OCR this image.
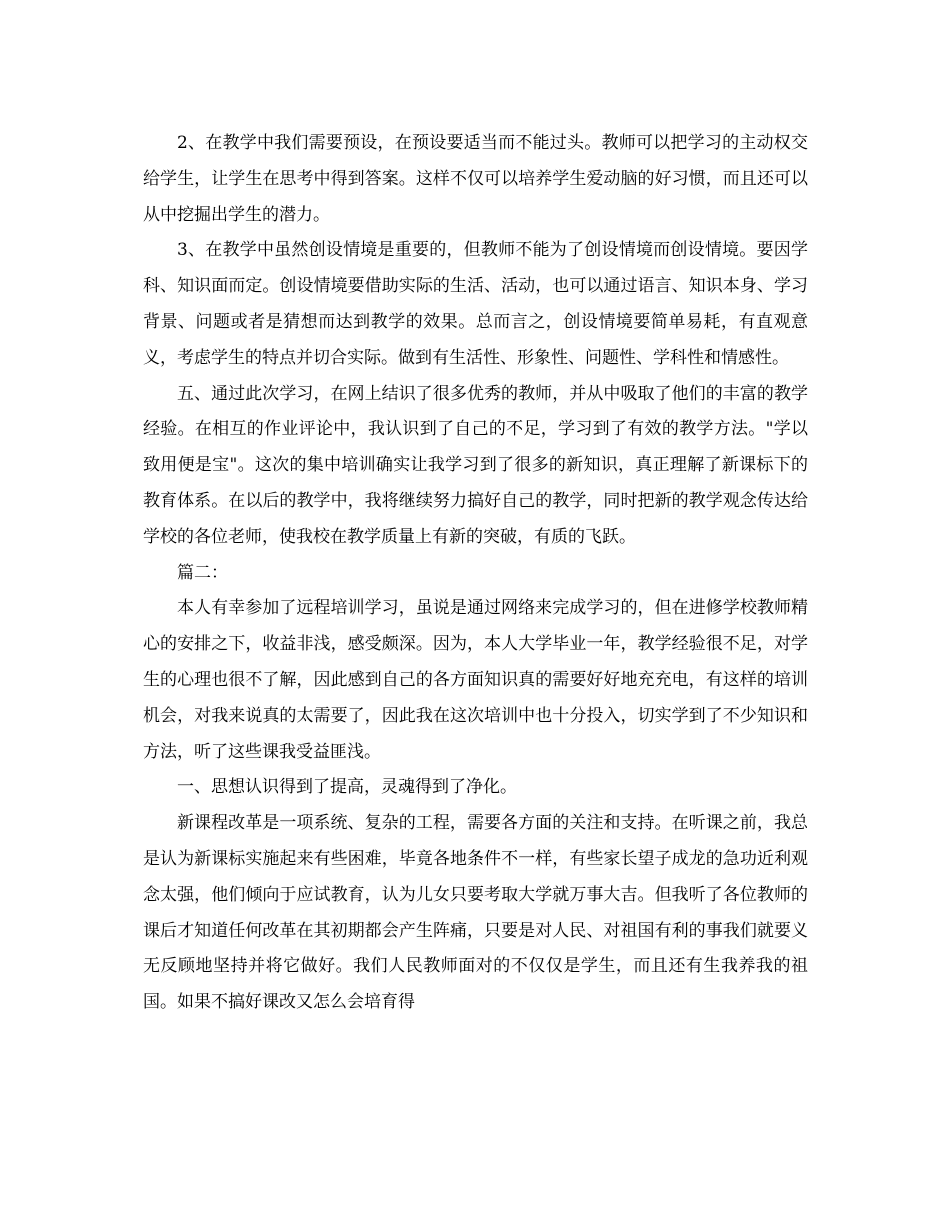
2、在教学中我们需要预设，在预设要适当而不能过头。教师可以把学习的主动权交给学生，让学生在思考中得到答案。这样不仅可以培养学生爱动脑的好习惯，而且还可以从中挖掘出学生的潜力。

3、在教学中虽然创设情境是重要的，但教师不能为了创设情境而创设情境。要因学科、知识面而定。创设情境要借助实际的生活、活动，也可以通过语言、知识本身、学习背景、问题或者是猜想而达到教学的效果。总而言之，创设情境要简单易耗，有直观意义，考虑学生的特点并切合实际。做到有生活性、形象性、问题性、学科性和情感性。

五、通过此次学习，在网上结识了很多优秀的教师，并从中吸取了他们的丰富的教学经验。在相互的作业评论中，我认识到了自己的不足，学习到了有效的教学方法。"学以致用便是宝"。这次的集中培训确实让我学习到了很多的新知识，真正理解了新课标下的教育体系。在以后的教学中，我将继续努力搞好自己的教学，同时把新的教学观念传达给学校的各位老师，使我校在教学质量上有新的突破，有质的飞跃。

篇二：

本人有幸参加了远程培训学习，虽说是通过网络来完成学习的，但在进修学校教师精心的安排之下，收益非浅，感受颇深。因为，本人大学毕业一年，教学经验很不足，对学生的心理也很不了解，因此感到自己的各方面知识真的需要好好地充充电，有这样的培训机会，对我来说真的太需要了，因此我在这次培训中也十分投入，切实学到了不少知识和方法，听了这些课我受益匪浅。

一、思想认识得到了提高，灵魂得到了净化。

新课程改革是一项系统、复杂的工程，需要各方面的关注和支持。在听课之前，我总是认为新课标实施起来有些困难，毕竟各地条件不一样，有些家长望子成龙的急功近利观念太强，他们倾向于应试教育，认为儿女只要考取大学就万事大吉。但我听了各位教师的课后才知道任何改革在其初期都会产生阵痛，只要是对人民、对祖国有利的事我们就要义无反顾地坚持并将它做好。我们人民教师面对的不仅仅是学生，而且还有生我养我的祖国。如果不搞好课改又怎么会培育得
